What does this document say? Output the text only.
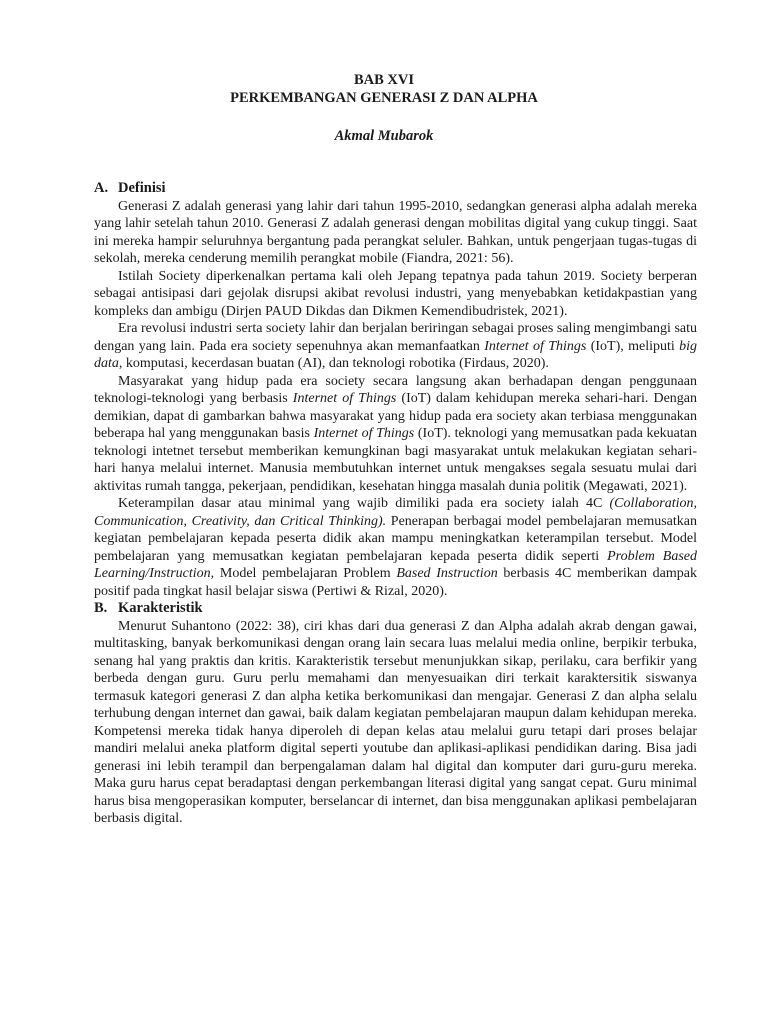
BAB XVI
PERKEMBANGAN GENERASI Z DAN ALPHA
Akmal Mubarok
A. Definisi

Generasi Z adalah generasi yang lahir dari tahun 1995-2010, sedangkan generasi alpha adalah mereka yang lahir setelah tahun 2010. Generasi Z adalah generasi dengan mobilitas digital yang cukup tinggi. Saat ini mereka hampir seluruhnya bergantung pada perangkat seluler. Bahkan, untuk pengerjaan tugas-tugas di sekolah, mereka cenderung memilih perangkat mobile (Fiandra, 2021: 56).

Istilah Society diperkenalkan pertama kali oleh Jepang tepatnya pada tahun 2019. Society berperan sebagai antisipasi dari gejolak disrupsi akibat revolusi industri, yang menyebabkan ketidakpastian yang kompleks dan ambigu (Dirjen PAUD Dikdas dan Dikmen Kemendibudristek, 2021).

Era revolusi industri serta society lahir dan berjalan beriringan sebagai proses saling mengimbangi satu dengan yang lain. Pada era society sepenuhnya akan memanfaatkan Internet of Things (IoT), meliputi big data, komputasi, kecerdasan buatan (AI), dan teknologi robotika (Firdaus, 2020).

Masyarakat yang hidup pada era society secara langsung akan berhadapan dengan penggunaan teknologi-teknologi yang berbasis Internet of Things (IoT) dalam kehidupan mereka sehari-hari. Dengan demikian, dapat di gambarkan bahwa masyarakat yang hidup pada era society akan terbiasa menggunakan beberapa hal yang menggunakan basis Internet of Things (IoT). teknologi yang memusatkan pada kekuatan teknologi intetnet tersebut memberikan kemungkinan bagi masyarakat untuk melakukan kegiatan sehari-hari hanya melalui internet. Manusia membutuhkan internet untuk mengakses segala sesuatu mulai dari aktivitas rumah tangga, pekerjaan, pendidikan, kesehatan hingga masalah dunia politik (Megawati, 2021).

Keterampilan dasar atau minimal yang wajib dimiliki pada era society ialah 4C (Collaboration, Communication, Creativity, dan Critical Thinking). Penerapan berbagai model pembelajaran memusatkan kegiatan pembelajaran kepada peserta didik akan mampu meningkatkan keterampilan tersebut. Model pembelajaran yang memusatkan kegiatan pembelajaran kepada peserta didik seperti Problem Based Learning/Instruction, Model pembelajaran Problem Based Instruction berbasis 4C memberikan dampak positif pada tingkat hasil belajar siswa (Pertiwi & Rizal, 2020).

B. Karakteristik

Menurut Suhantono (2022: 38), ciri khas dari dua generasi Z dan Alpha adalah akrab dengan gawai, multitasking, banyak berkomunikasi dengan orang lain secara luas melalui media online, berpikir terbuka, senang hal yang praktis dan kritis. Karakteristik tersebut menunjukkan sikap, perilaku, cara berfikir yang berbeda dengan guru. Guru perlu memahami dan menyesuaikan diri terkait karaktersitik siswanya termasuk kategori generasi Z dan alpha ketika berkomunikasi dan mengajar. Generasi Z dan alpha selalu terhubung dengan internet dan gawai, baik dalam kegiatan pembelajaran maupun dalam kehidupan mereka. Kompetensi mereka tidak hanya diperoleh di depan kelas atau melalui guru tetapi dari proses belajar mandiri melalui aneka platform digital seperti youtube dan aplikasi-aplikasi pendidikan daring. Bisa jadi generasi ini lebih terampil dan berpengalaman dalam hal digital dan komputer dari guru-guru mereka. Maka guru harus cepat beradaptasi dengan perkembangan literasi digital yang sangat cepat. Guru minimal harus bisa mengoperasikan komputer, berselancar di internet, dan bisa menggunakan aplikasi pembelajaran berbasis digital.
